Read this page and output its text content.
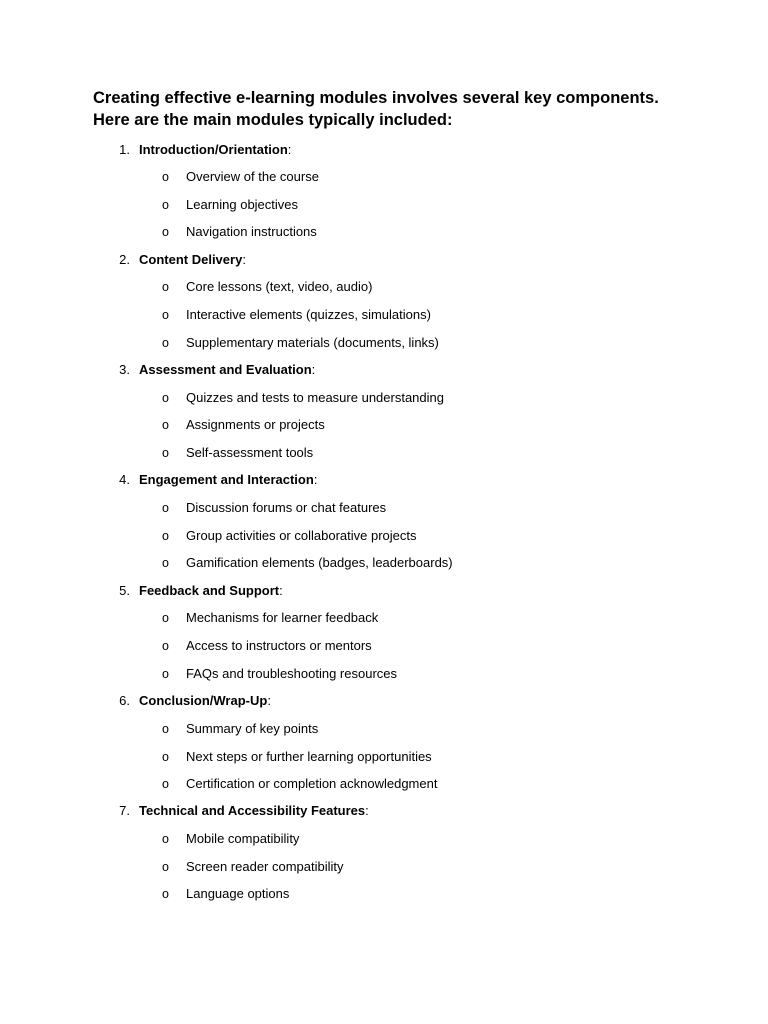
Creating effective e-learning modules involves several key components. Here are the main modules typically included:

1. Introduction/Orientation:
o Overview of the course
o Learning objectives
o Navigation instructions
2. Content Delivery:
o Core lessons (text, video, audio)
o Interactive elements (quizzes, simulations)
o Supplementary materials (documents, links)
3. Assessment and Evaluation:
o Quizzes and tests to measure understanding
o Assignments or projects
o Self-assessment tools
4. Engagement and Interaction:
o Discussion forums or chat features
o Group activities or collaborative projects
o Gamification elements (badges, leaderboards)
5. Feedback and Support:
o Mechanisms for learner feedback
o Access to instructors or mentors
o FAQs and troubleshooting resources
6. Conclusion/Wrap-Up:
o Summary of key points
o Next steps or further learning opportunities
o Certification or completion acknowledgment
7. Technical and Accessibility Features:
o Mobile compatibility
o Screen reader compatibility
o Language options
